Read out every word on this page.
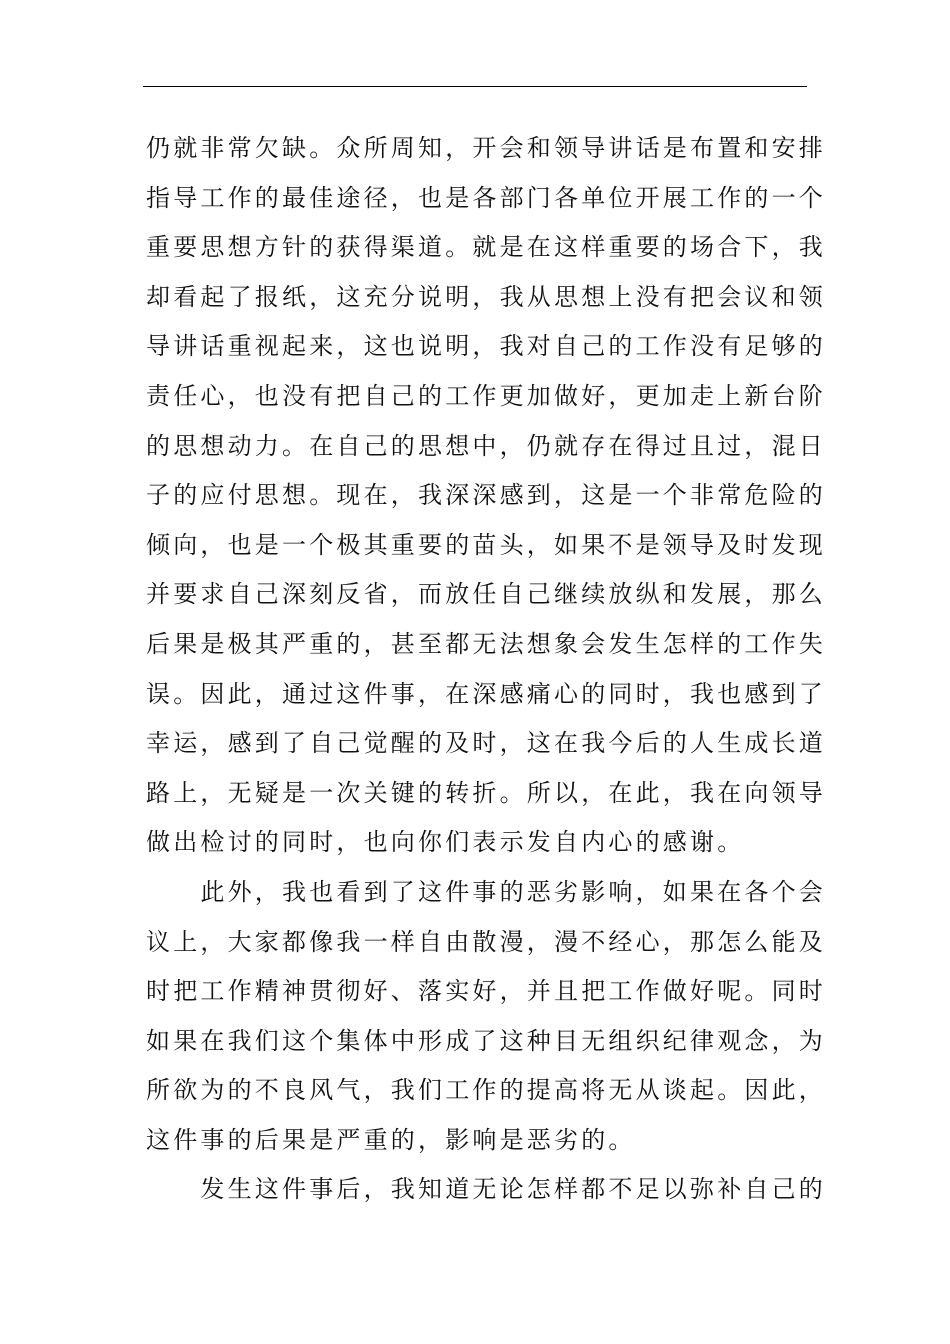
仍就非常欠缺。众所周知，开会和领导讲话是布置和安排

指导工作的最佳途径，也是各部门各单位开展工作的一个

重要思想方针的获得渠道。就是在这样重要的场合下，我

却看起了报纸，这充分说明，我从思想上没有把会议和领

导讲话重视起来，这也说明，我对自己的工作没有足够的

责任心，也没有把自己的工作更加做好，更加走上新台阶

的思想动力。在自己的思想中，仍就存在得过且过，混日

子的应付思想。现在，我深深感到，这是一个非常危险的

倾向，也是一个极其重要的苗头，如果不是领导及时发现

并要求自己深刻反省，而放任自己继续放纵和发展，那么

后果是极其严重的，甚至都无法想象会发生怎样的工作失

误。因此，通过这件事，在深感痛心的同时，我也感到了

幸运，感到了自己觉醒的及时，这在我今后的人生成长道

路上，无疑是一次关键的转折。所以，在此，我在向领导

做出检讨的同时，也向你们表示发自内心的感谢。

　　此外，我也看到了这件事的恶劣影响，如果在各个会

议上，大家都像我一样自由散漫，漫不经心，那怎么能及

时把工作精神贯彻好、落实好，并且把工作做好呢。同时

如果在我们这个集体中形成了这种目无组织纪律观念，为

所欲为的不良风气，我们工作的提高将无从谈起。因此，

这件事的后果是严重的，影响是恶劣的。

　　发生这件事后，我知道无论怎样都不足以弥补自己的
